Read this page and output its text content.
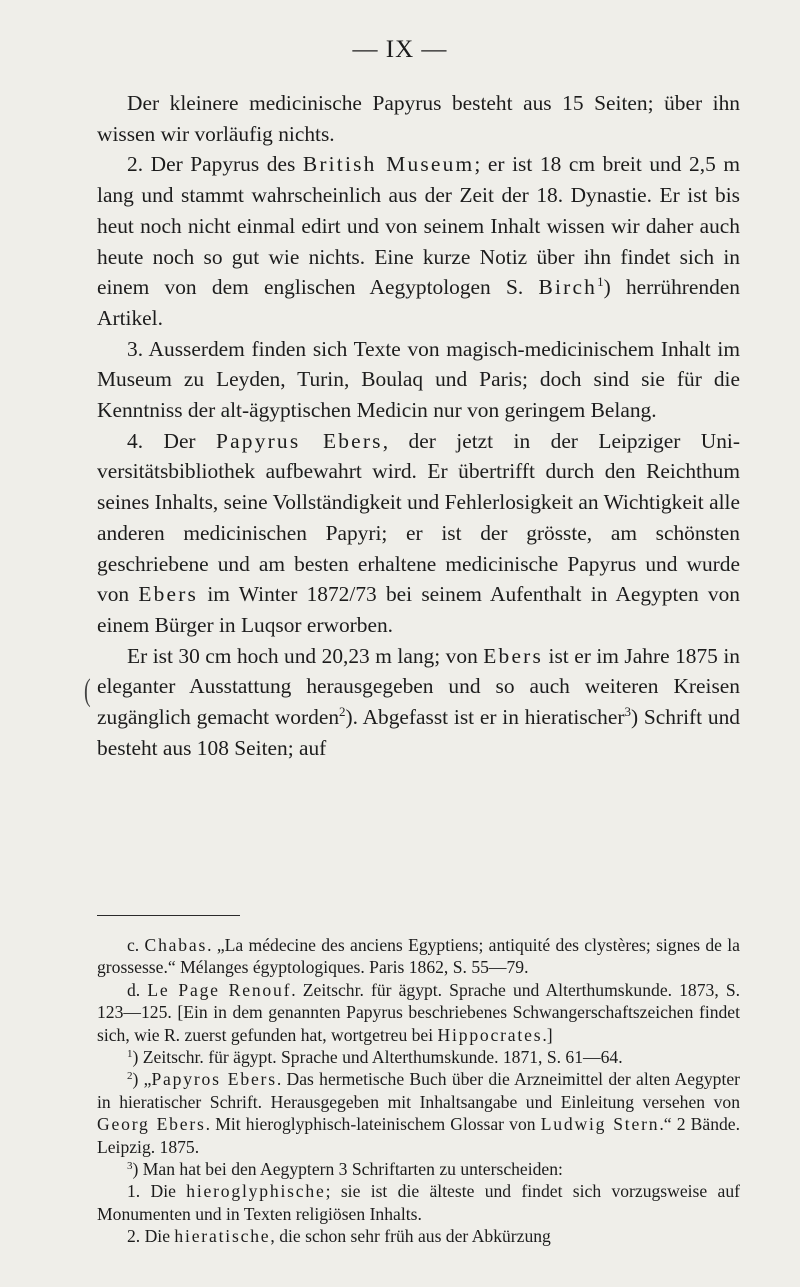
— IX —

Der kleinere medicinische Papyrus besteht aus 15 Seiten; über ihn wissen wir vorläufig nichts.

2. Der Papyrus des British Museum; er ist 18 cm breit und 2,5 m lang und stammt wahrscheinlich aus der Zeit der 18. Dynastie. Er ist bis heut noch nicht einmal edirt und von seinem Inhalt wissen wir daher auch heute noch so gut wie nichts. Eine kurze Notiz über ihn findet sich in einem von dem englischen Aegyptologen S. Birch$^1$) herrührenden Artikel.

3. Ausserdem finden sich Texte von magisch-medicinischem Inhalt im Museum zu Leyden, Turin, Boulaq und Paris; doch sind sie für die Kenntniss der alt-ägyptischen Medicin nur von geringem Belang.

4. Der Papyrus Ebers, der jetzt in der Leipziger Universitätsbibliothek aufbewahrt wird. Er übertrifft durch den Reichthum seines Inhalts, seine Vollständigkeit und Fehlerlosigkeit an Wichtigkeit alle anderen medicinischen Papyri; er ist der grösste, am schönsten geschriebene und am besten erhaltene medicinische Papyrus und wurde von Ebers im Winter 1872/73 bei seinem Aufenthalt in Aegypten von einem Bürger in Luqsor erworben.

Er ist 30 cm hoch und 20,23 m lang; von Ebers ist er im Jahre 1875 in eleganter Ausstattung herausgegeben und so auch weiteren Kreisen zugänglich gemacht worden$^2$). Abgefasst ist er in hieratischer$^3$) Schrift und besteht aus 108 Seiten; auf

(

c. Chabas. „La médecine des anciens Egyptiens; antiquité des clystères; signes de la grossesse.“ Mélanges égyptologiques. Paris 1862, S. 55—79.

d. Le Page Renouf. Zeitschr. für ägypt. Sprache und Alterthumskunde. 1873, S. 123—125. [Ein in dem genannten Papyrus beschriebenes Schwangerschaftszeichen findet sich, wie R. zuerst gefunden hat, wortgetreu bei Hippocrates.]

$^1$) Zeitschr. für ägypt. Sprache und Alterthumskunde. 1871, S. 61—64.

$^2$) „Papyros Ebers. Das hermetische Buch über die Arzneimittel der alten Aegypter in hieratischer Schrift. Herausgegeben mit Inhaltsangabe und Einleitung versehen von Georg Ebers. Mit hieroglyphisch-lateinischem Glossar von Ludwig Stern.“ 2 Bände. Leipzig. 1875.

$^3$) Man hat bei den Aegyptern 3 Schriftarten zu unterscheiden:

1. Die hieroglyphische; sie ist die älteste und findet sich vorzugsweise auf Monumenten und in Texten religiösen Inhalts.

2. Die hieratische, die schon sehr früh aus der Abkürzung
